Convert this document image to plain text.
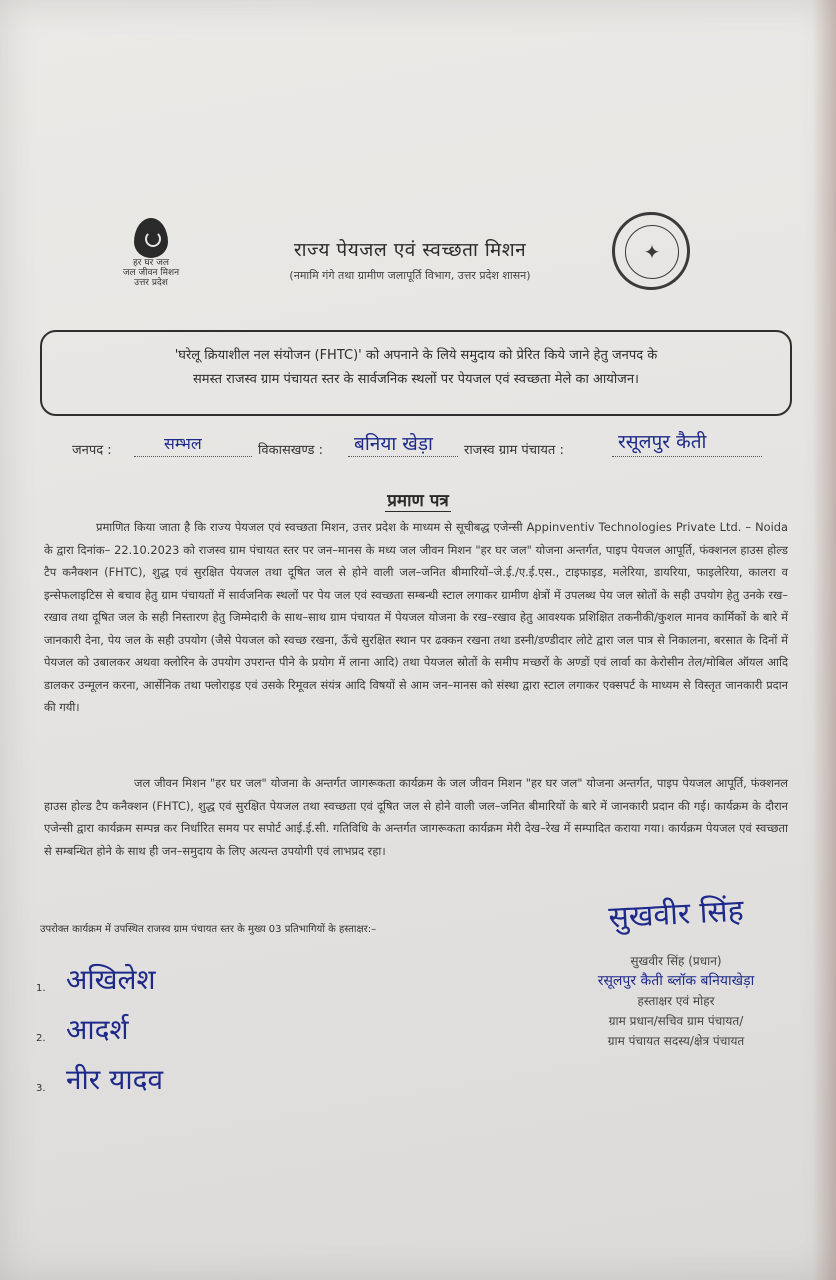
हर घर जल
जल जीवन मिशन
उत्तर प्रदेश
राज्य पेयजल एवं स्वच्छता मिशन
(नमामि गंगे तथा ग्रामीण जलापूर्ति विभाग, उत्तर प्रदेश शासन)
✦
'घरेलू क्रियाशील नल संयोजन (FHTC)' को अपनाने के लिये समुदाय को प्रेरित किये जाने हेतु जनपद के
समस्त राजस्व ग्राम पंचायत स्तर के सार्वजनिक स्थलों पर पेयजल एवं स्वच्छता मेले का आयोजन।
जनपद :	सम्भल	विकासखण्ड : बनिया खेड़ा राजस्व ग्राम पंचायत :	रसूलपुर कैती
प्रमाण पत्र
प्रमाणित किया जाता है कि राज्य पेयजल एवं स्वच्छता मिशन, उत्तर प्रदेश के माध्यम से सूचीबद्ध एजेन्सी Appinventiv Technologies Private Ltd. – Noida के द्वारा दिनांक– 22.10.2023 को राजस्व ग्राम पंचायत स्तर पर जन–मानस के मध्य जल जीवन मिशन "हर घर जल" योजना अन्तर्गत, पाइप पेयजल आपूर्ति, फंक्शनल हाउस होल्ड टैप कनैक्शन (FHTC), शुद्ध एवं सुरक्षित पेयजल तथा दूषित जल से होने वाली जल–जनित बीमारियों–जे.ई./ए.ई.एस., टाइफाइड, मलेरिया, डायरिया, फाइलेरिया, कालरा व इन्सेफलाइटिस से बचाव हेतु ग्राम पंचायतों में सार्वजनिक स्थलों पर पेय जल एवं स्वच्छता सम्बन्धी स्टाल लगाकर ग्रामीण क्षेत्रों में उपलब्ध पेय जल स्रोतों के सही उपयोग हेतु उनके रख–रखाव तथा दूषित जल के सही निस्तारण हेतु जिम्मेदारी के साथ–साथ ग्राम पंचायत में पेयजल योजना के रख–रखाव हेतु आवश्यक प्रशिक्षित तकनीकी/कुशल मानव कार्मिकों के बारे में जानकारी देना, पेय जल के सही उपयोग (जैसे पेयजल को स्वच्छ रखना, ऊँचे सुरक्षित स्थान पर ढक्कन रखना तथा डस्नी/डण्डीदार लोटे द्वारा जल पात्र से निकालना, बरसात के दिनों में पेयजल को उबालकर अथवा क्लोरिन के उपयोग उपरान्त पीने के प्रयोग में लाना आदि) तथा पेयजल स्रोतों के समीप मच्छरों के अण्डों एवं लार्वा का केरोसीन तेल/मोबिल ऑयल आदि डालकर उन्मूलन करना, आर्सेनिक तथा फ्लोराइड एवं उसके रिमूवल संयंत्र आदि विषयों से आम जन–मानस को संस्था द्वारा स्टाल लगाकर एक्सपर्ट के माध्यम से विस्तृत जानकारी प्रदान की गयी।
जल जीवन मिशन "हर घर जल" योजना के अन्तर्गत जागरूकता कार्यक्रम के जल जीवन मिशन "हर घर जल" योजना अन्तर्गत, पाइप पेयजल आपूर्ति, फंक्शनल हाउस होल्ड टैप कनैक्शन (FHTC), शुद्ध एवं सुरक्षित पेयजल तथा स्वच्छता एवं दूषित जल से होने वाली जल–जनित बीमारियों के बारे में जानकारी प्रदान की गई। कार्यक्रम के दौरान एजेन्सी द्वारा कार्यक्रम सम्पन्न कर निर्धारित समय पर सपोर्ट आई.ई.सी. गतिविधि के अन्तर्गत जागरूकता कार्यक्रम मेरी देख–रेख में सम्पादित कराया गया। कार्यक्रम पेयजल एवं स्वच्छता से सम्बन्धित होने के साथ ही जन–समुदाय के लिए अत्यन्त उपयोगी एवं लाभप्रद रहा।
सुखवीर सिंह
सुखवीर सिंह (प्रधान)
रसूलपुर कैती ब्लॉक बनियाखेड़ा
हस्ताक्षर एवं मोहर
ग्राम प्रधान/सचिव ग्राम पंचायत/
ग्राम पंचायत सदस्य/क्षेत्र पंचायत
उपरोक्त कार्यक्रम में उपस्थित राजस्व ग्राम पंचायत स्तर के मुख्य 03 प्रतिभागियों के हस्ताक्षर:–
1. अखिलेश
2. आदर्श
3. नीर यादव
